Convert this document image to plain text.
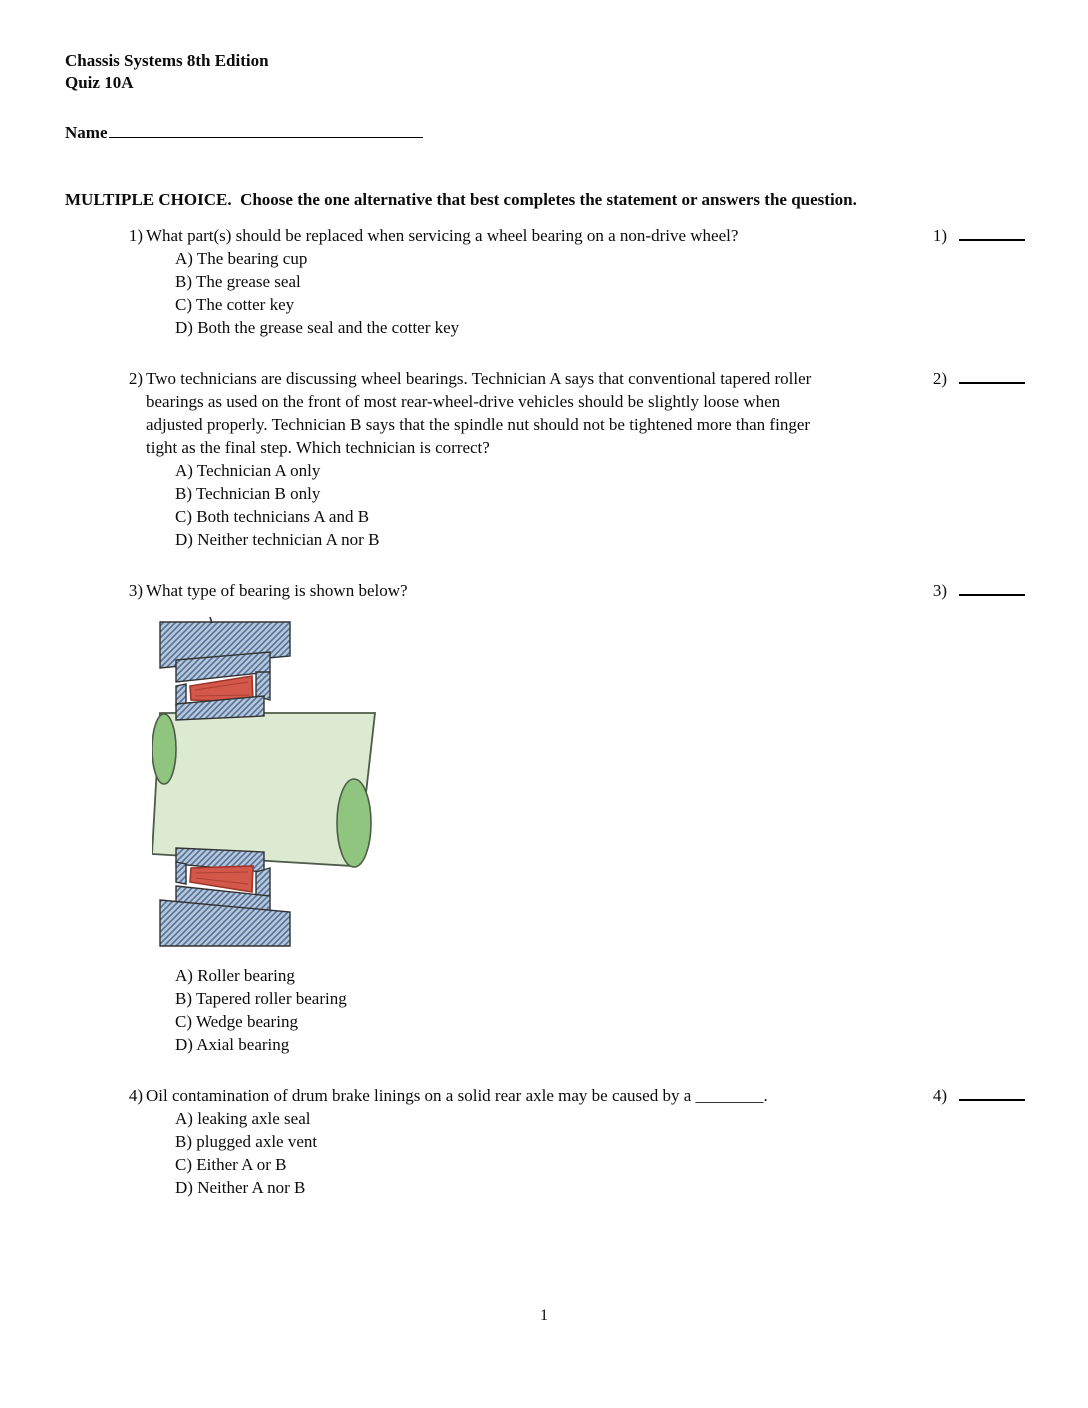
Chassis Systems 8th Edition
Quiz 10A
Name
MULTIPLE CHOICE.  Choose the one alternative that best completes the statement or answers the question.
1) What part(s) should be replaced when servicing a wheel bearing on a non-drive wheel?
A) The bearing cup
B) The grease seal
C) The cotter key
D) Both the grease seal and the cotter key
1)
2) Two technicians are discussing wheel bearings. Technician A says that conventional tapered roller bearings as used on the front of most rear-wheel-drive vehicles should be slightly loose when adjusted properly. Technician B says that the spindle nut should not be tightened more than finger tight as the final step. Which technician is correct?
A) Technician A only
B) Technician B only
C) Both technicians A and B
D) Neither technician A nor B
2)
3) What type of bearing is shown below?
A) Roller bearing
B) Tapered roller bearing
C) Wedge bearing
D) Axial bearing
3)
4) Oil contamination of drum brake linings on a solid rear axle may be caused by a ________.
A) leaking axle seal
B) plugged axle vent
C) Either A or B
D) Neither A nor B
4)
1
